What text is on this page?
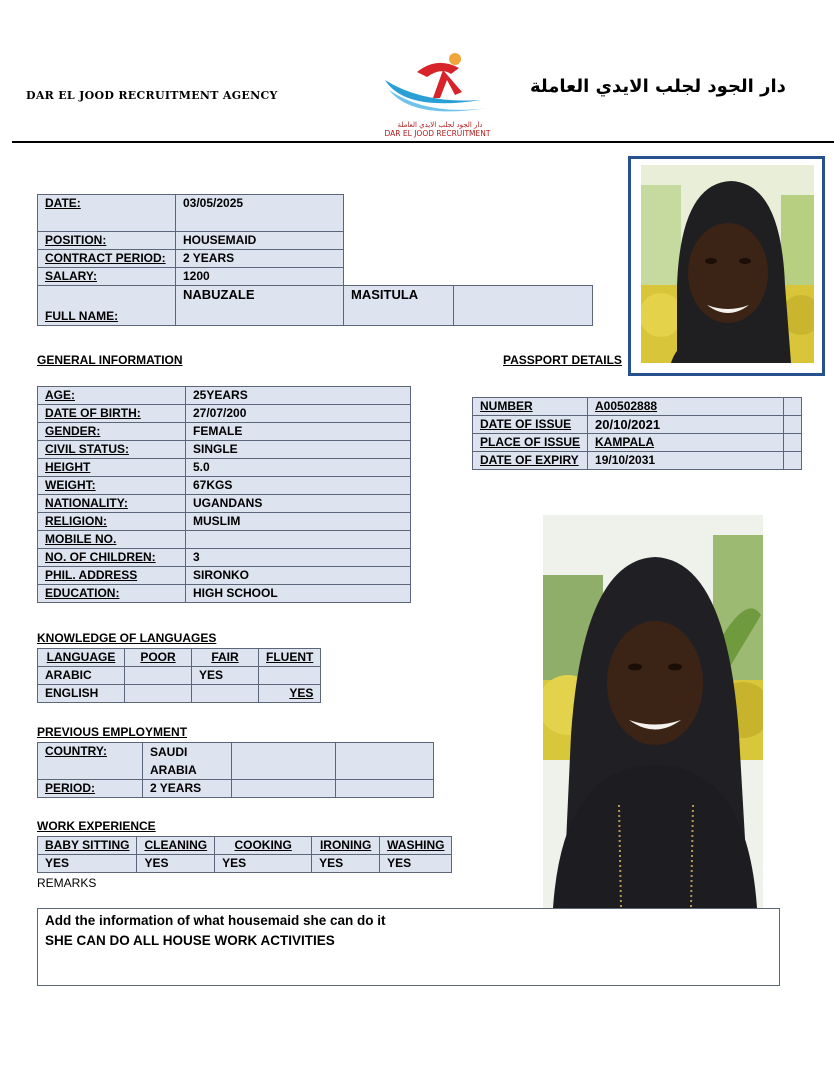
DAR EL JOOD RECRUITMENT AGENCY
دار الجود لجلب الايدي العاملة
DAR EL JOOD RECRUITMENT
دار الجود لجلب الايدي العاملة
DATE:	03/05/2025		
POSITION:	HOUSEMAID		
CONTRACT PERIOD:	2 YEARS		
SALARY:	1200		
FULL NAME:	NABUZALE	MASITULA	
GENERAL INFORMATION	PASSPORT DETAILS
AGE:	25YEARS
DATE OF BIRTH:	27/07/200
GENDER:	FEMALE
CIVIL STATUS:	SINGLE
HEIGHT	5.0
WEIGHT:	67KGS
NATIONALITY:	UGANDANS
RELIGION:	MUSLIM
MOBILE NO.	
NO. OF CHILDREN:	3
PHIL. ADDRESS	SIRONKO
EDUCATION:	HIGH SCHOOL
NUMBER	A00502888	
DATE OF ISSUE	20/10/2021	
PLACE OF ISSUE	KAMPALA	
DATE OF EXPIRY	19/10/2031	
KNOWLEDGE OF LANGUAGES
LANGUAGE	POOR	FAIR	FLUENT
ARABIC		YES	
ENGLISH			YES
PREVIOUS EMPLOYMENT
COUNTRY:	SAUDI
ARABIA		

PERIOD:	2 YEARS		
WORK EXPERIENCE
BABY SITTING	CLEANING	COOKING	IRONING	WASHING
YES	YES	YES	YES	YES
REMARKS
Add the information of what housemaid she can do it
SHE CAN DO ALL HOUSE WORK ACTIVITIES
